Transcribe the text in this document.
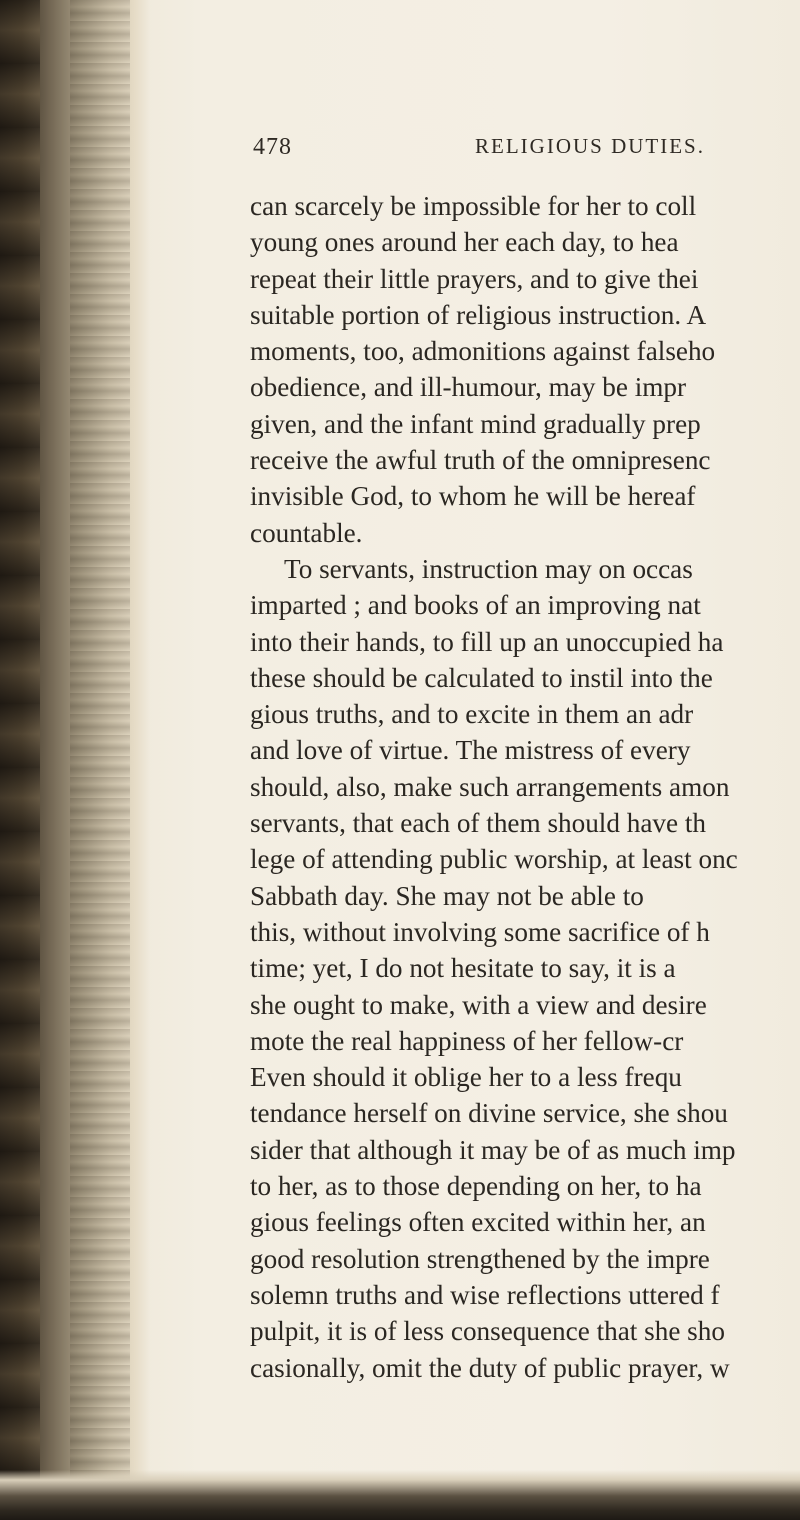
478	RELIGIOUS DUTIES.
can scarcely be impossible for her to coll
young ones around her each day, to hea
repeat their little prayers, and to give thei
suitable portion of religious instruction. A
moments, too, admonitions against falseho
obedience, and ill-humour, may be impr
given, and the infant mind gradually prep
receive the awful truth of the omnipresenc
invisible God, to whom he will be hereaf
countable.
To servants, instruction may on occas
imparted ; and books of an improving nat
into their hands, to fill up an unoccupied ha
these should be calculated to instil into the
gious truths, and to excite in them an adr
and love of virtue. The mistress of every
should, also, make such arrangements amon
servants, that each of them should have th
lege of attending public worship, at least onc
Sabbath day. She may not be able to
this, without involving some sacrifice of h
time; yet, I do not hesitate to say, it is a
she ought to make, with a view and desire
mote the real happiness of her fellow-cr
Even should it oblige her to a less frequ
tendance herself on divine service, she shou
sider that although it may be of as much imp
to her, as to those depending on her, to ha
gious feelings often excited within her, an
good resolution strengthened by the impre
solemn truths and wise reflections uttered f
pulpit, it is of less consequence that she sho
casionally, omit the duty of public prayer, w
